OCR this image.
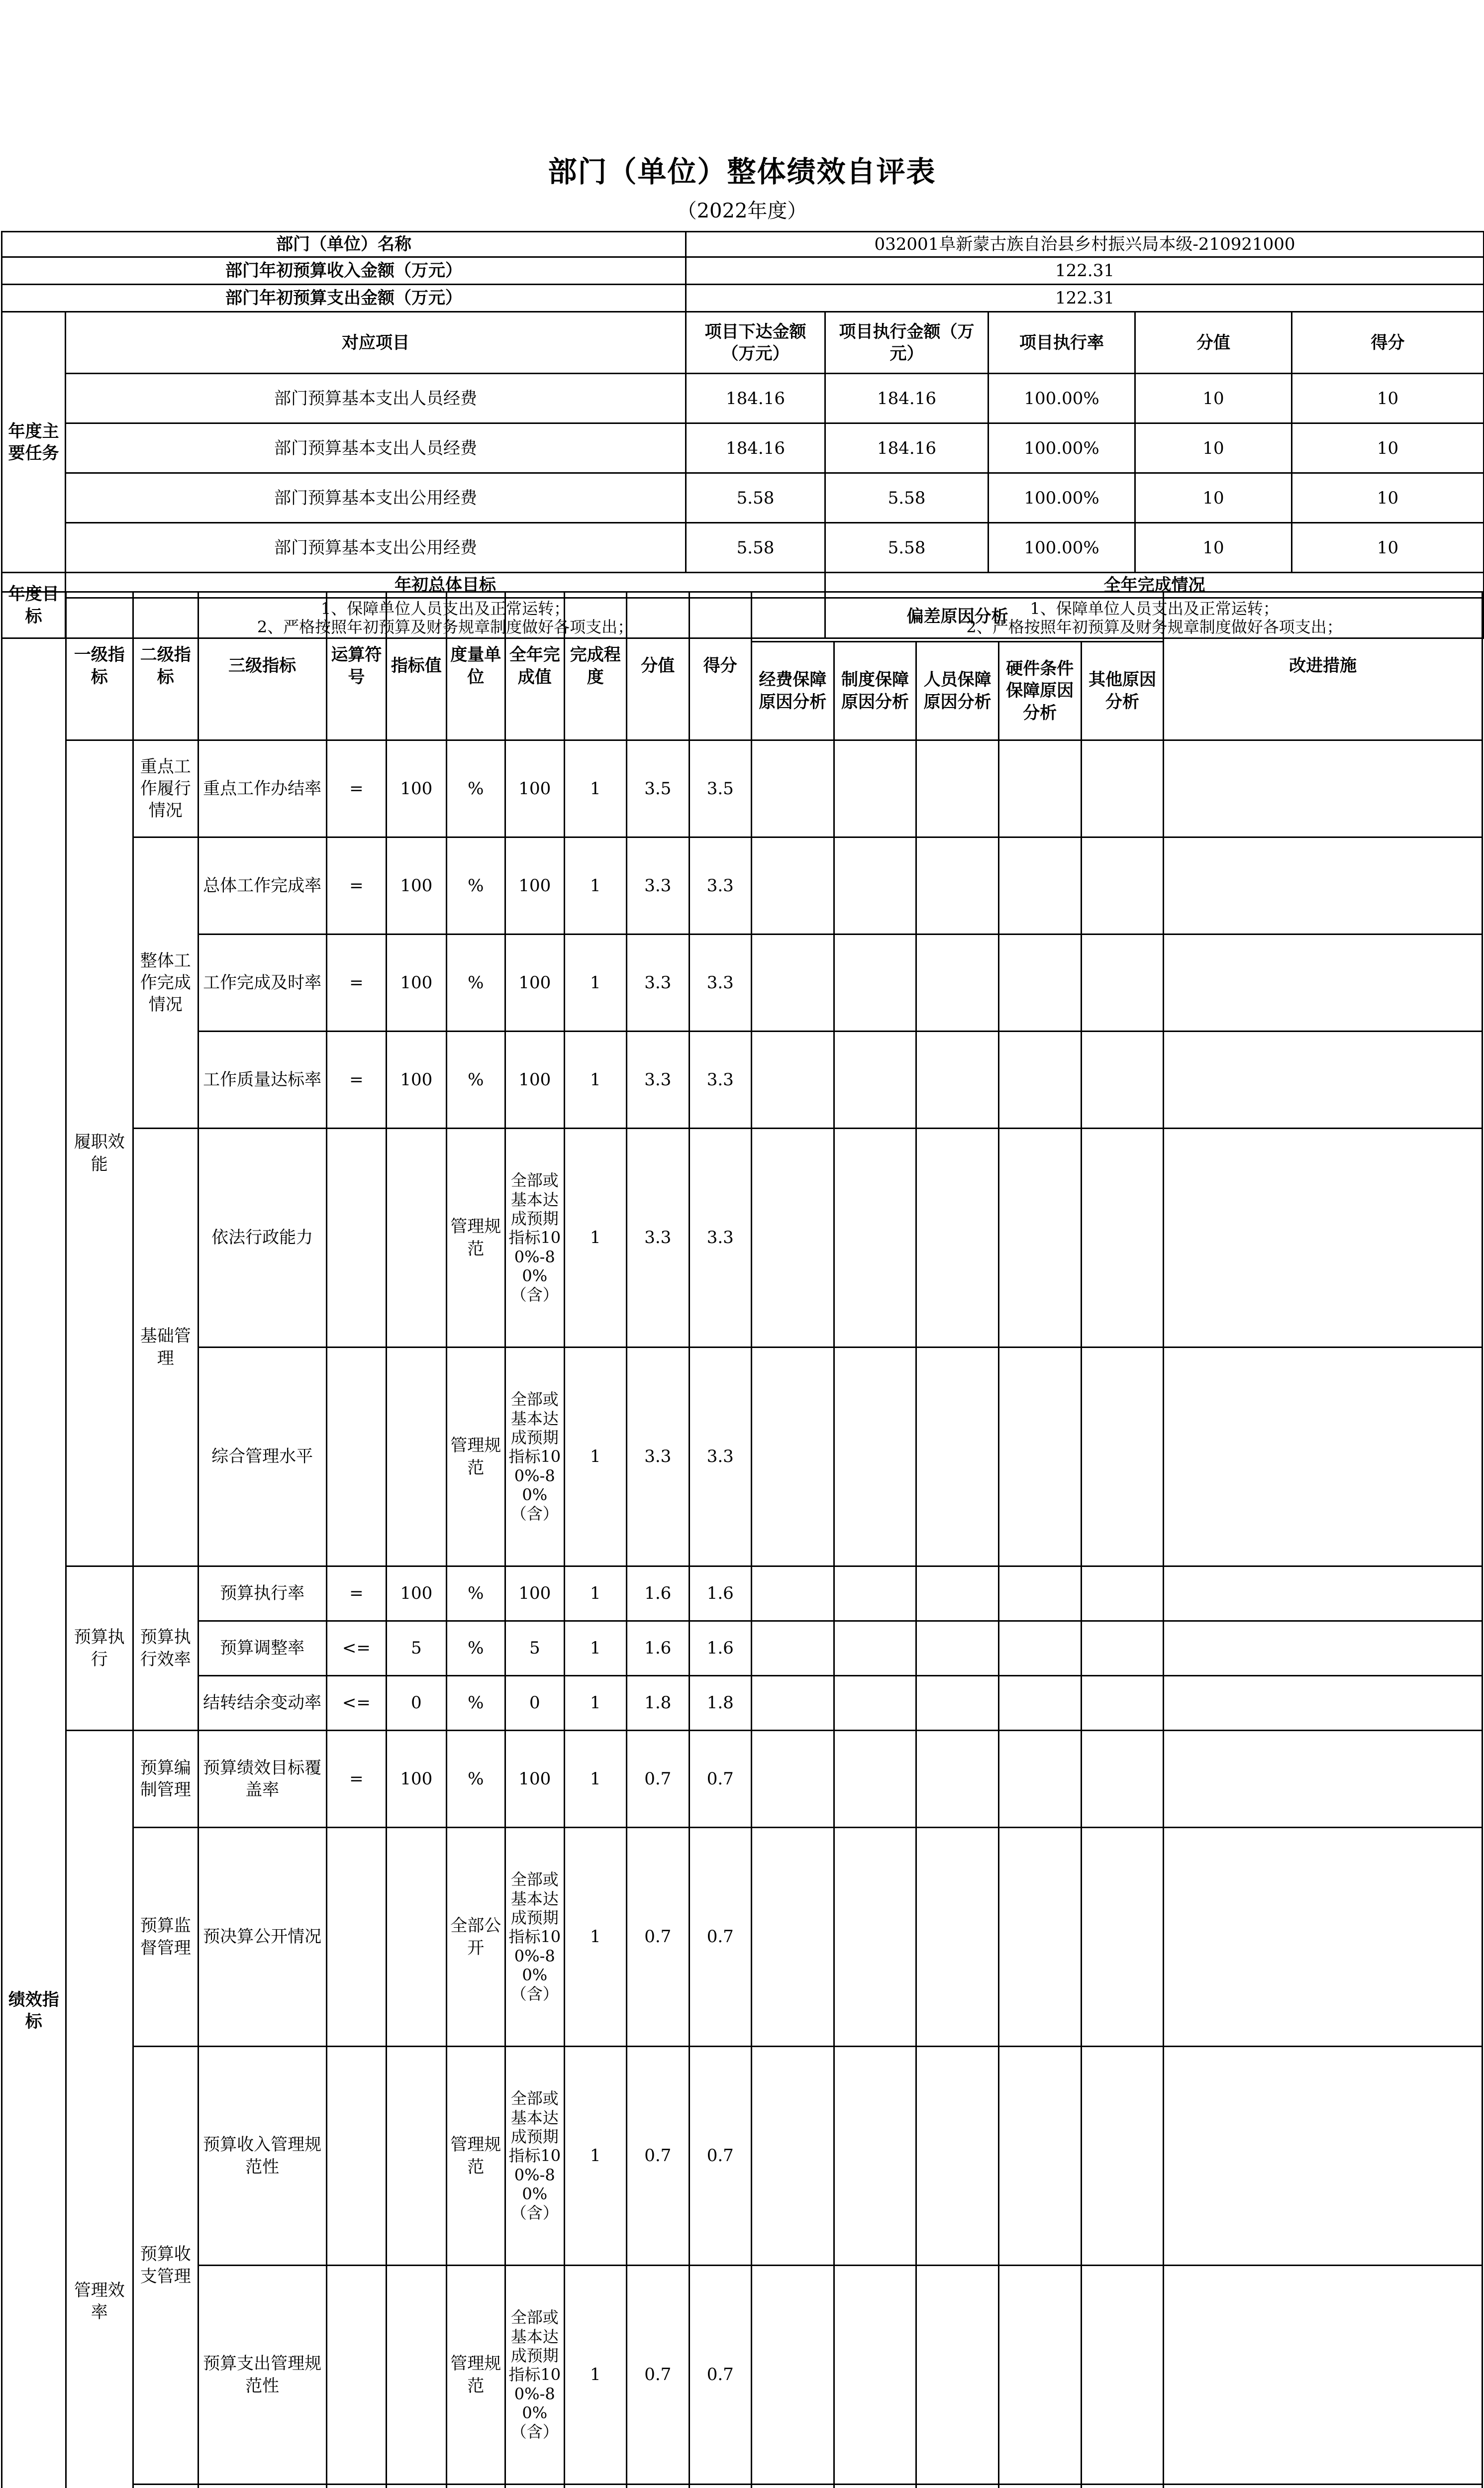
部门（单位）整体绩效自评表
（2022年度）
部门（单位）名称		032001阜新蒙古族自治县乡村振兴局本级-210921000				
部门年初预算收入金额（万元）		122.31				
部门年初预算支出金额（万元）		122.31				
年度主要任务	对应项目	项目下达金额（万元）	项目执行金额（万元）	项目执行率	分值	得分
	部门预算基本支出人员经费	184.16	184.16	100.00%	10	10
	部门预算基本支出人员经费	184.16	184.16	100.00%	10	10
	部门预算基本支出公用经费	5.58	5.58	100.00%	10	10
	部门预算基本支出公用经费	5.58	5.58	100.00%	10	10
年度目标	年初总体目标		全年完成情况			
	1、保障单位人员支出及正常运转；
2、严格按照年初预算及财务规章制度做好各项支出；		1、保障单位人员支出及正常运转；
2、严格按照年初预算及财务规章制度做好各项支出；			
绩效指标	一级指标	二级指标	三级指标	运算符号	指标值	度量单位	全年完成值	完成程度	分值	得分	偏差原因分析					改进措施
											经费保障原因分析	制度保障原因分析	人员保障原因分析	硬件条件保障原因分析	其他原因分析	
	履职效能	重点工作履行情况	重点工作办结率	=	100	%	100	1	3.5	3.5						
		整体工作完成情况	总体工作完成率	=	100	%	100	1	3.3	3.3						
			工作完成及时率	=	100	%	100	1	3.3	3.3						
			工作质量达标率	=	100	%	100	1	3.3	3.3						
		基础管理	依法行政能力			管理规范	全部或基本达成预期指标100%-80%（含）	1	3.3	3.3						
			综合管理水平			管理规范	全部或基本达成预期指标100%-80%（含）	1	3.3	3.3						
	预算执行	预算执行效率	预算执行率	=	100	%	100	1	1.6	1.6						
			预算调整率	<=	5	%	5	1	1.6	1.6						
			结转结余变动率	<=	0	%	0	1	1.8	1.8						
	管理效率	预算编制管理	预算绩效目标覆盖率	=	100	%	100	1	0.7	0.7						
		预算监督管理	预决算公开情况			全部公开	全部或基本达成预期指标100%-80%（含）	1	0.7	0.7						
		预算收支管理	预算收入管理规范性			管理规范	全部或基本达成预期指标100%-80%（含）	1	0.7	0.7						
			预算支出管理规范性			管理规范	全部或基本达成预期指标100%-80%（含）	1	0.7	0.7						
